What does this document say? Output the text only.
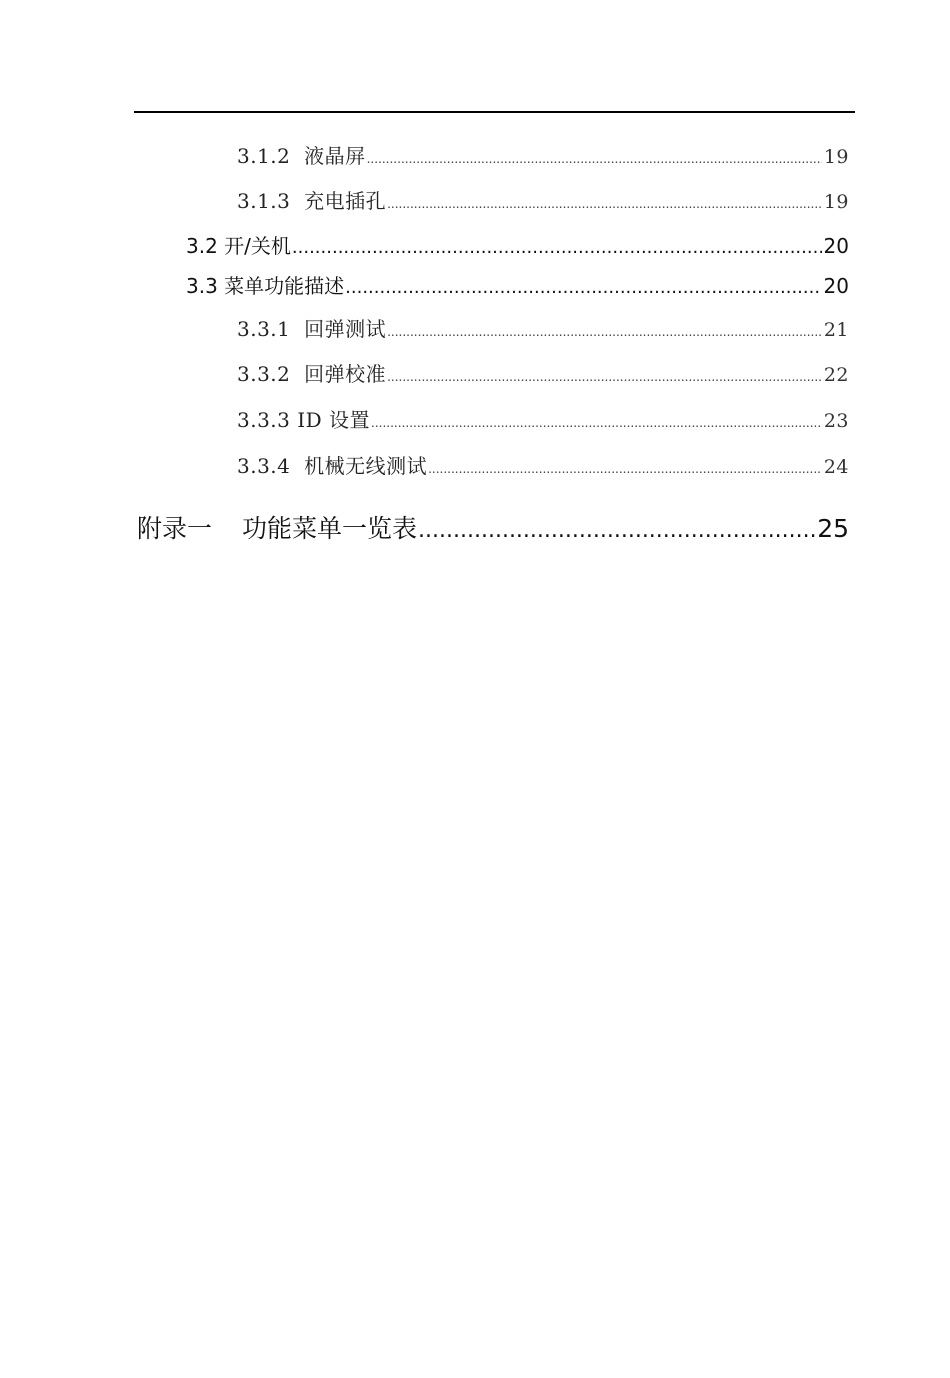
3.1.2 液晶屏 .....	19
3.1.3 充电插孔 .....	19
3.2 开/关机 .....	20
3.3 菜单功能描述 .....	20
3.3.1 回弹测试 .....	21
3.3.2 回弹校准 .....	22
3.3.3 ID 设置 .....	23
3.3.4 机械无线测试 .....	24
附录一 功能菜单一览表 .....	25
